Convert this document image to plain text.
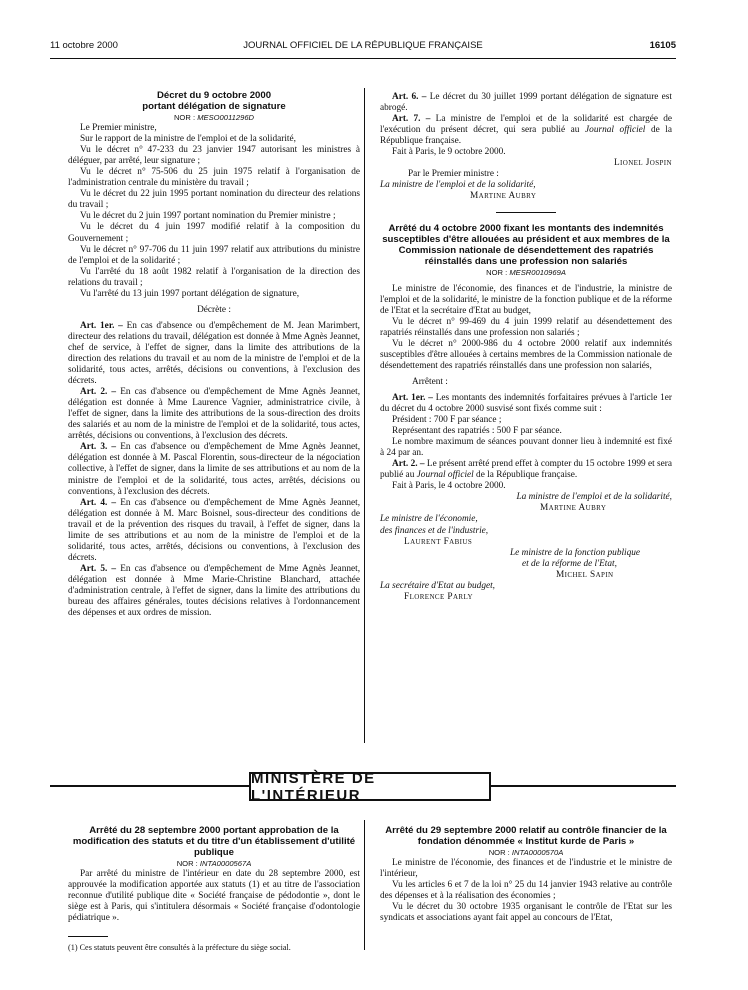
11 octobre 2000	JOURNAL OFFICIEL DE LA RÉPUBLIQUE FRANÇAISE	16105

Décret du 9 octobre 2000

portant délégation de signature

NOR : MESO0011296D

Le Premier ministre,

Sur le rapport de la ministre de l'emploi et de la solidarité,

Vu le décret n° 47-233 du 23 janvier 1947 autorisant les ministres à déléguer, par arrêté, leur signature ;

Vu le décret n° 75-506 du 25 juin 1975 relatif à l'organisation de l'administration centrale du ministère du travail ;

Vu le décret du 22 juin 1995 portant nomination du directeur des relations du travail ;

Vu le décret du 2 juin 1997 portant nomination du Premier ministre ;

Vu le décret du 4 juin 1997 modifié relatif à la composition du Gouvernement ;

Vu le décret n° 97-706 du 11 juin 1997 relatif aux attributions du ministre de l'emploi et de la solidarité ;

Vu l'arrêté du 18 août 1982 relatif à l'organisation de la direction des relations du travail ;

Vu l'arrêté du 13 juin 1997 portant délégation de signature,

Décrète :

Art. 1er. – En cas d'absence ou d'empêchement de M. Jean Marimbert, directeur des relations du travail, délégation est donnée à Mme Agnès Jeannet, chef de service, à l'effet de signer, dans la limite des attributions de la direction des relations du travail et au nom de la ministre de l'emploi et de la solidarité, tous actes, arrêtés, décisions ou conventions, à l'exclusion des décrets.

Art. 2. – En cas d'absence ou d'empêchement de Mme Agnès Jeannet, délégation est donnée à Mme Laurence Vagnier, administratrice civile, à l'effet de signer, dans la limite des attributions de la sous-direction des droits des salariés et au nom de la ministre de l'emploi et de la solidarité, tous actes, arrêtés, décisions ou conventions, à l'exclusion des décrets.

Art. 3. – En cas d'absence ou d'empêchement de Mme Agnès Jeannet, délégation est donnée à M. Pascal Florentin, sous-directeur de la négociation collective, à l'effet de signer, dans la limite de ses attributions et au nom de la ministre de l'emploi et de la solidarité, tous actes, arrêtés, décisions ou conventions, à l'exclusion des décrets.

Art. 4. – En cas d'absence ou d'empêchement de Mme Agnès Jeannet, délégation est donnée à M. Marc Boisnel, sous-directeur des conditions de travail et de la prévention des risques du travail, à l'effet de signer, dans la limite de ses attributions et au nom de la ministre de l'emploi et de la solidarité, tous actes, arrêtés, décisions ou conventions, à l'exclusion des décrets.

Art. 5. – En cas d'absence ou d'empêchement de Mme Agnès Jeannet, délégation est donnée à Mme Marie-Christine Blanchard, attachée d'administration centrale, à l'effet de signer, dans la limite des attributions du bureau des affaires générales, toutes décisions relatives à l'ordonnancement des dépenses et aux ordres de mission.

Art. 6. – Le décret du 30 juillet 1999 portant délégation de signature est abrogé.

Art. 7. – La ministre de l'emploi et de la solidarité est chargée de l'exécution du présent décret, qui sera publié au Journal officiel de la République française.

Fait à Paris, le 9 octobre 2000.

Lionel Jospin

Par le Premier ministre :

La ministre de l'emploi et de la solidarité,

Martine Aubry

Arrêté du 4 octobre 2000 fixant les montants des indemnités susceptibles d'être allouées au président et aux membres de la Commission nationale de désendettement des rapatriés réinstallés dans une profession non salariés

NOR : MESR0010969A

Le ministre de l'économie, des finances et de l'industrie, la ministre de l'emploi et de la solidarité, le ministre de la fonction publique et de la réforme de l'Etat et la secrétaire d'Etat au budget,

Vu le décret n° 99-469 du 4 juin 1999 relatif au désendettement des rapatriés réinstallés dans une profession non salariés ;

Vu le décret n° 2000-986 du 4 octobre 2000 relatif aux indemnités susceptibles d'être allouées à certains membres de la Commission nationale de désendettement des rapatriés réinstallés dans une profession non salariés,

Arrêtent :

Art. 1er. – Les montants des indemnités forfaitaires prévues à l'article 1er du décret du 4 octobre 2000 susvisé sont fixés comme suit :

Président : 700 F par séance ;

Représentant des rapatriés : 500 F par séance.

Le nombre maximum de séances pouvant donner lieu à indemnité est fixé à 24 par an.

Art. 2. – Le présent arrêté prend effet à compter du 15 octobre 1999 et sera publié au Journal officiel de la République française.

Fait à Paris, le 4 octobre 2000.

La ministre de l'emploi et de la solidarité,

Martine Aubry

Le ministre de l'économie,

des finances et de l'industrie,

Laurent Fabius

Le ministre de la fonction publique

et de la réforme de l'Etat,

Michel Sapin

La secrétaire d'Etat au budget,

Florence Parly

MINISTÈRE DE L'INTÉRIEUR

Arrêté du 28 septembre 2000 portant approbation de la modification des statuts et du titre d'un établissement d'utilité publique

NOR : INTA0000567A

Par arrêté du ministre de l'intérieur en date du 28 septembre 2000, est approuvée la modification apportée aux statuts (1) et au titre de l'association reconnue d'utilité publique dite « Société française de pédodontie », dont le siège est à Paris, qui s'intitulera désormais « Société française d'odontologie pédiatrique ».

(1) Ces statuts peuvent être consultés à la préfecture du siège social.

Arrêté du 29 septembre 2000 relatif au contrôle financier de la fondation dénommée « Institut kurde de Paris »

NOR : INTA0000570A

Le ministre de l'économie, des finances et de l'industrie et le ministre de l'intérieur,

Vu les articles 6 et 7 de la loi n° 25 du 14 janvier 1943 relative au contrôle des dépenses et à la réalisation des économies ;

Vu le décret du 30 octobre 1935 organisant le contrôle de l'Etat sur les syndicats et associations ayant fait appel au concours de l'Etat,
